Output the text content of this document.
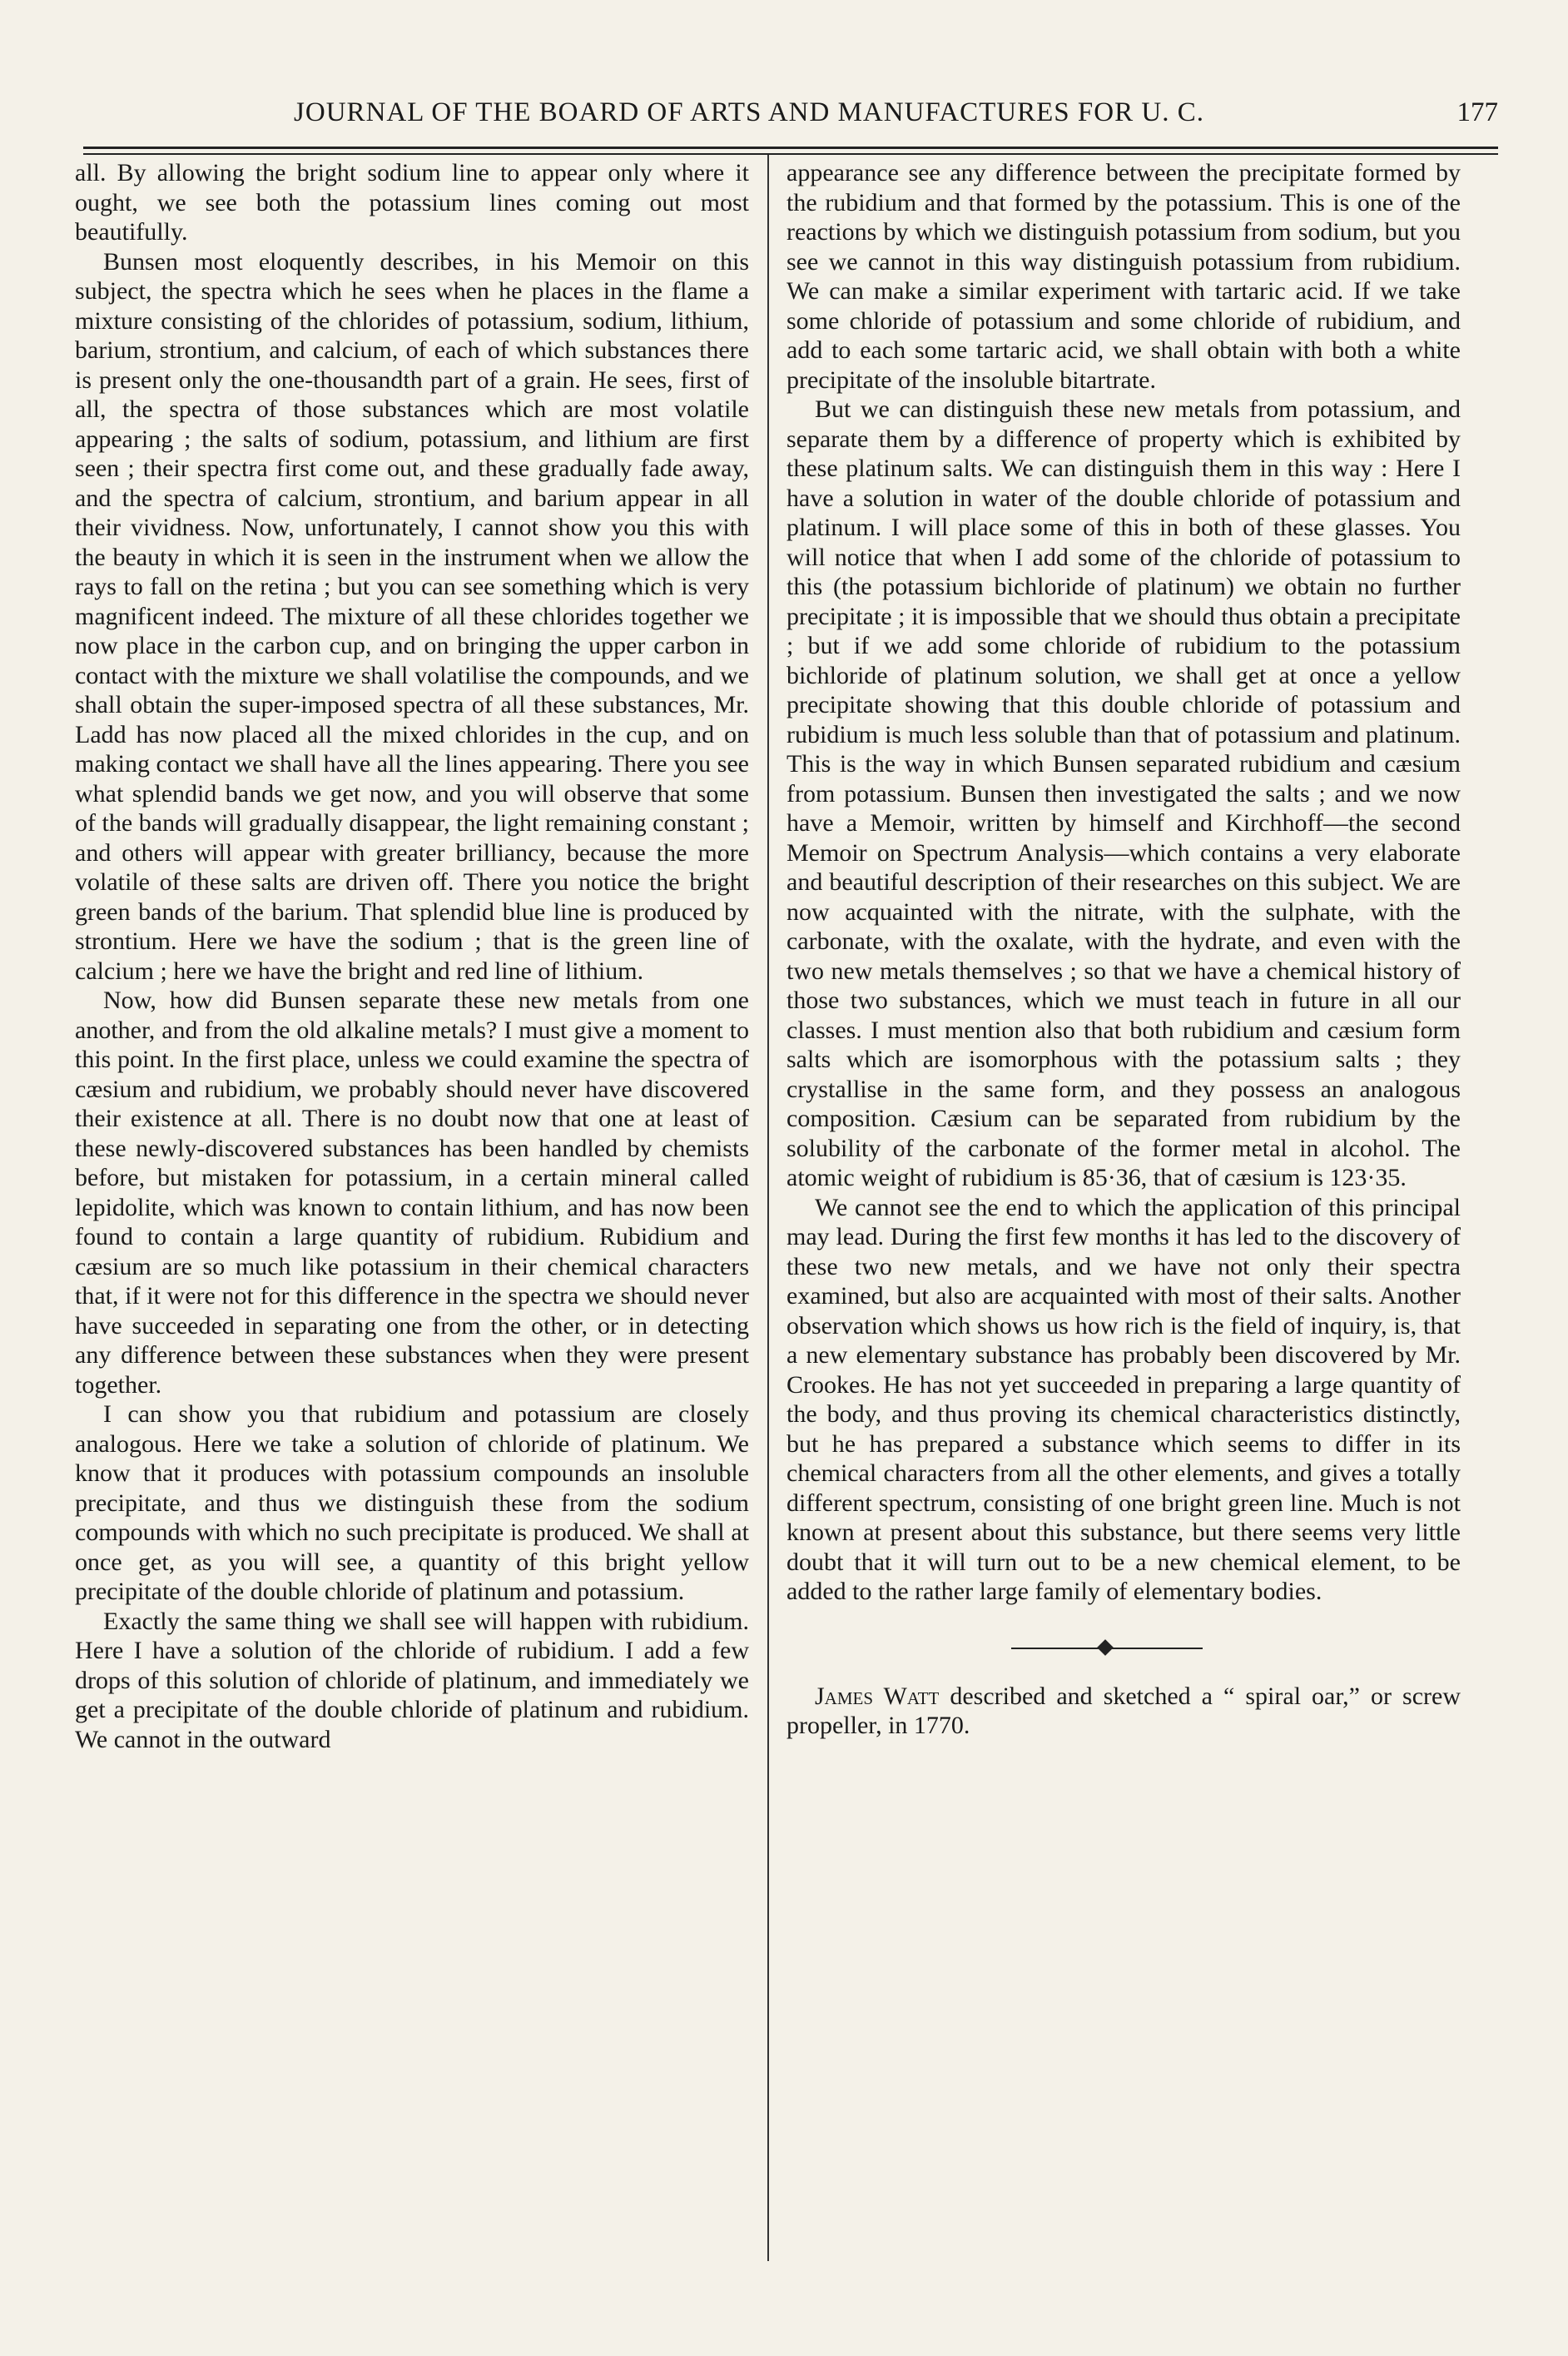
JOURNAL OF THE BOARD OF ARTS AND MANUFACTURES FOR U. C.	177

all. By allowing the bright sodium line to appear only where it ought, we see both the potassium lines coming out most beautifully.

Bunsen most eloquently describes, in his Memoir on this subject, the spectra which he sees when he places in the flame a mixture consisting of the chlorides of potassium, sodium, lithium, barium, strontium, and calcium, of each of which substances there is present only the one-thousandth part of a grain. He sees, first of all, the spectra of those substances which are most volatile appearing ; the salts of sodium, potassium, and lithium are first seen ; their spectra first come out, and these gradually fade away, and the spectra of calcium, strontium, and barium appear in all their vividness. Now, unfortunately, I cannot show you this with the beauty in which it is seen in the instrument when we allow the rays to fall on the retina ; but you can see something which is very magnificent indeed. The mixture of all these chlorides together we now place in the carbon cup, and on bringing the upper carbon in contact with the mixture we shall volatilise the compounds, and we shall obtain the super-imposed spectra of all these substances, Mr. Ladd has now placed all the mixed chlorides in the cup, and on making contact we shall have all the lines appearing. There you see what splendid bands we get now, and you will observe that some of the bands will gradually disappear, the light remaining constant ; and others will appear with greater brilliancy, because the more volatile of these salts are driven off. There you notice the bright green bands of the barium. That splendid blue line is produced by strontium. Here we have the sodium ; that is the green line of calcium ; here we have the bright and red line of lithium.

Now, how did Bunsen separate these new metals from one another, and from the old alkaline metals? I must give a moment to this point. In the first place, unless we could examine the spectra of cæsium and rubidium, we probably should never have discovered their existence at all. There is no doubt now that one at least of these newly-discovered substances has been handled by chemists before, but mistaken for potassium, in a certain mineral called lepidolite, which was known to contain lithium, and has now been found to contain a large quantity of rubidium. Rubidium and cæsium are so much like potassium in their chemical characters that, if it were not for this difference in the spectra we should never have succeeded in separating one from the other, or in detecting any difference between these substances when they were present together.

I can show you that rubidium and potassium are closely analogous. Here we take a solution of chloride of platinum. We know that it produces with potassium compounds an insoluble precipitate, and thus we distinguish these from the sodium compounds with which no such precipitate is produced. We shall at once get, as you will see, a quantity of this bright yellow precipitate of the double chloride of platinum and potassium.

Exactly the same thing we shall see will happen with rubidium. Here I have a solution of the chloride of rubidium. I add a few drops of this solution of chloride of platinum, and immediately we get a precipitate of the double chloride of platinum and rubidium. We cannot in the outward

appearance see any difference between the precipitate formed by the rubidium and that formed by the potassium. This is one of the reactions by which we distinguish potassium from sodium, but you see we cannot in this way distinguish potassium from rubidium. We can make a similar experiment with tartaric acid. If we take some chloride of potassium and some chloride of rubidium, and add to each some tartaric acid, we shall obtain with both a white precipitate of the insoluble bitartrate.

But we can distinguish these new metals from potassium, and separate them by a difference of property which is exhibited by these platinum salts. We can distinguish them in this way : Here I have a solution in water of the double chloride of potassium and platinum. I will place some of this in both of these glasses. You will notice that when I add some of the chloride of potassium to this (the potassium bichloride of platinum) we obtain no further precipitate ; it is impossible that we should thus obtain a precipitate ; but if we add some chloride of rubidium to the potassium bichloride of platinum solution, we shall get at once a yellow precipitate showing that this double chloride of potassium and rubidium is much less soluble than that of potassium and platinum. This is the way in which Bunsen separated rubidium and cæsium from potassium. Bunsen then investigated the salts ; and we now have a Memoir, written by himself and Kirchhoff—the second Memoir on Spectrum Analysis—which contains a very elaborate and beautiful description of their researches on this subject. We are now acquainted with the nitrate, with the sulphate, with the carbonate, with the oxalate, with the hydrate, and even with the two new metals themselves ; so that we have a chemical history of those two substances, which we must teach in future in all our classes. I must mention also that both rubidium and cæsium form salts which are isomorphous with the potassium salts ; they crystallise in the same form, and they possess an analogous composition. Cæsium can be separated from rubidium by the solubility of the carbonate of the former metal in alcohol. The atomic weight of rubidium is 85·36, that of cæsium is 123·35.

We cannot see the end to which the application of this principal may lead. During the first few months it has led to the discovery of these two new metals, and we have not only their spectra examined, but also are acquainted with most of their salts. Another observation which shows us how rich is the field of inquiry, is, that a new elementary substance has probably been discovered by Mr. Crookes. He has not yet succeeded in preparing a large quantity of the body, and thus proving its chemical characteristics distinctly, but he has prepared a substance which seems to differ in its chemical characters from all the other elements, and gives a totally different spectrum, consisting of one bright green line. Much is not known at present about this substance, but there seems very little doubt that it will turn out to be a new chemical element, to be added to the rather large family of elementary bodies.

James Watt described and sketched a “ spiral oar,” or screw propeller, in 1770.
